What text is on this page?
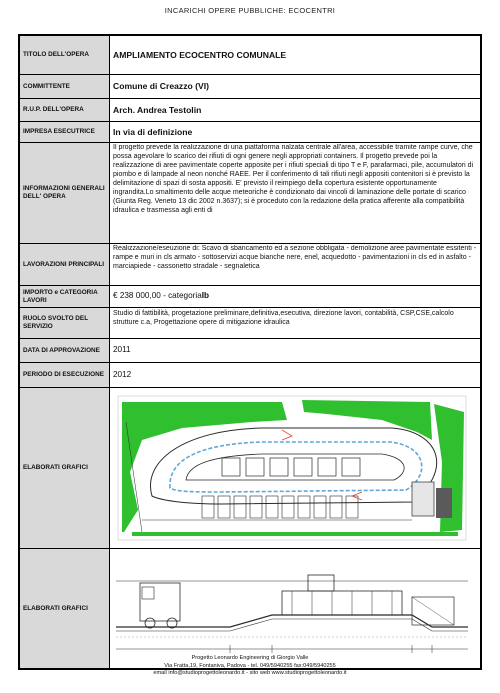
INCARICHI OPERE PUBBLICHE: ECOCENTRI
TITOLO DELL'OPERA	AMPLIAMENTO ECOCENTRO COMUNALE
COMMITTENTE	Comune di Creazzo (VI)
R.U.P. DELL'OPERA	Arch. Andrea Testolin
IMPRESA ESECUTRICE	In via di definizione
INFORMAZIONI GENERALI DELL' OPERA	Il progetto prevede la realizzazione di una piattaforma rialzata centrale all'area, accessibile tramite rampe curve, che possa agevolare lo scarico dei rifiuti di ogni genere negli appropriati containers. Il progetto prevede poi la realizzazione di aree pavimentate coperte apposite per i rifiuti speciali di tipo T e F, parafarmaci, pile, accumulatori di piombo e di lampade al neon nonché RAEE. Per il conferimento di tali rifiuti negli appositi contenitori si è previsto la delimitazione di spazi di sosta appositi. E' previsto il reimpiego della copertura esistente opportunamente ingrandita.Lo smaltimento delle acque meteoriche è condizionato dai vincoli di laminazione delle portate di scarico (Giunta Reg. Veneto 13 dic 2002 n.3637); si è proceduto con la redazione della pratica afferente alla compatibilità idraulica e trasmessa agli enti di

LAVORAZIONI PRINCIPALI	Realizzazione/eseuzione di: Scavo di sbancamento ed a sezione obbligata - demolizione aree pavimentate essitenti - rampe e muri in cls armato - sottoservizi acque bianche nere, enel, acquedotto - pavimentazioni in cls ed in asfalto - marciapiede - cassonetto stradale - segnaletica

IMPORTO e CATEGORIA LAVORI	€ 238 000,00 - categoriaIb
RUOLO SVOLTO DEL SERVIZIO	Studio di fattibilità, progetazione preliminare,definitiva,esecutiva, direzione lavori, contabilità, CSP,CSE,calcolo strutture c.a, Progettazione opere di mitigazione idraulica
DATA DI APPROVAZIONE	2011
PERIODO DI ESECUZIONE	2012
ELABORATI GRAFICI	

ELABORATI GRAFICI	
Progetto Leonardo Engineering di Giorgio Valle
Via Fratta,19, Fontaniva, Padova - tel. 049/5940255 fax:049/5940255
email info@studioprogettoleonardo.it - sito web www.studioprogettoleonardo.it
